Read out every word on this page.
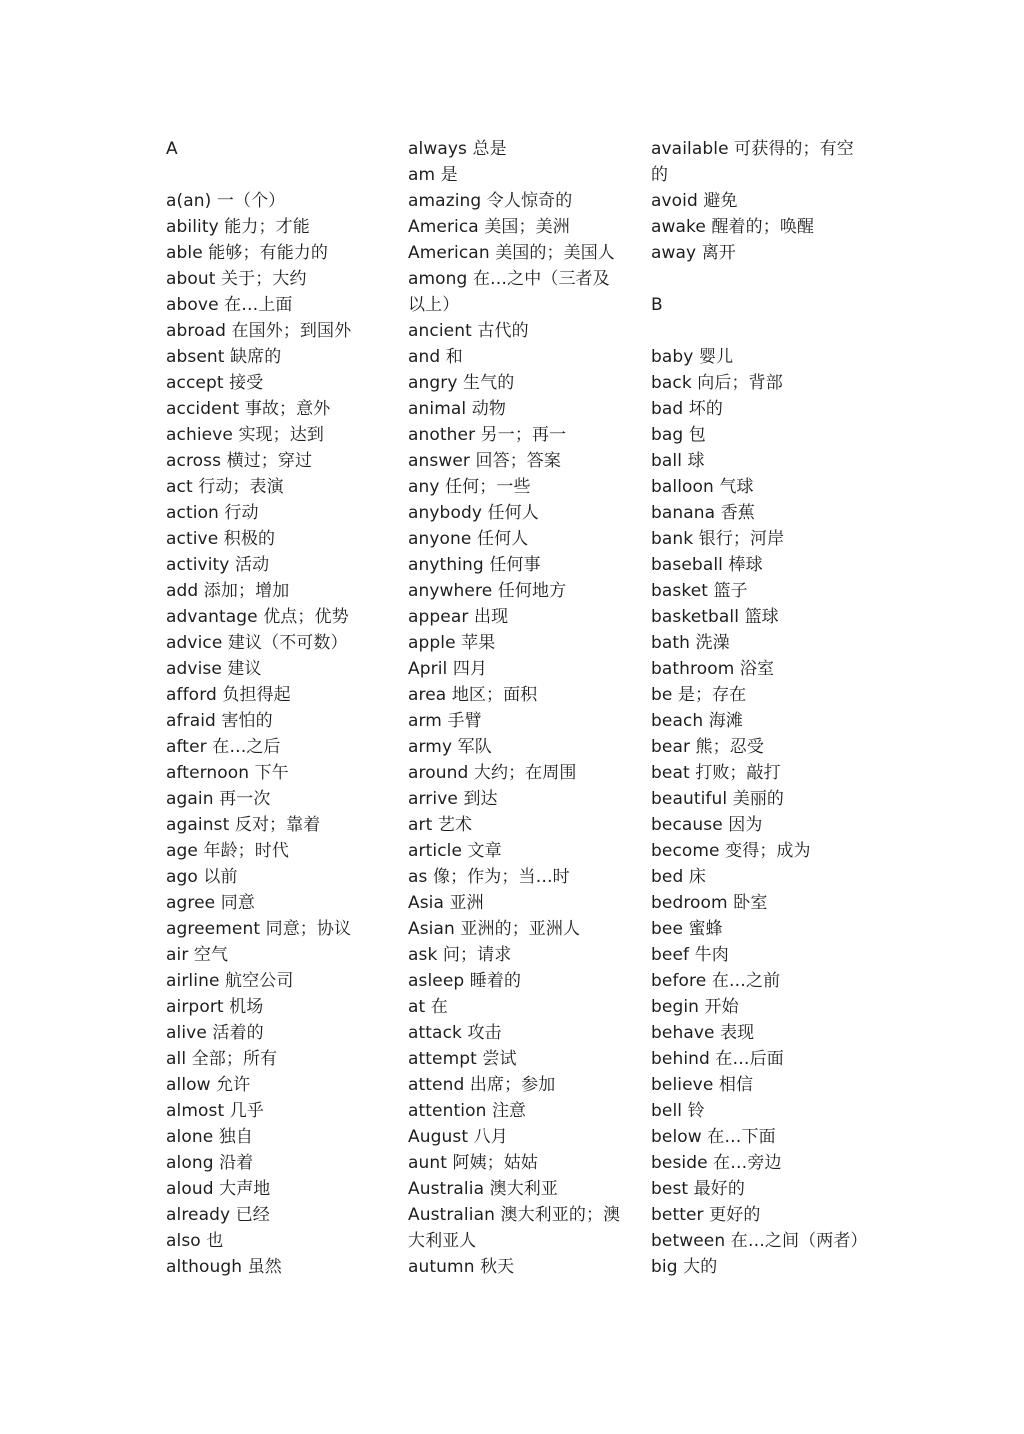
A
a(an) 一（个）
ability 能力；才能
able 能够；有能力的
about 关于；大约
above 在…上面
abroad 在国外；到国外
absent 缺席的
accept 接受
accident 事故；意外
achieve 实现；达到
across 横过；穿过
act 行动；表演
action 行动
active 积极的
activity 活动
add 添加；增加
advantage 优点；优势
advice 建议（不可数）
advise 建议
afford 负担得起
afraid 害怕的
after 在…之后
afternoon 下午
again 再一次
against 反对；靠着
age 年龄；时代
ago 以前
agree 同意
agreement 同意；协议
air 空气
airline 航空公司
airport 机场
alive 活着的
all 全部；所有
allow 允许
almost 几乎
alone 独自
along 沿着
aloud 大声地
already 已经
also 也
although 虽然
always 总是
am 是
amazing 令人惊奇的
America 美国；美洲
American 美国的；美国人
among 在…之中（三者及
以上）
ancient 古代的
and 和
angry 生气的
animal 动物
another 另一；再一
answer 回答；答案
any 任何；一些
anybody 任何人
anyone 任何人
anything 任何事
anywhere 任何地方
appear 出现
apple 苹果
April 四月
area 地区；面积
arm 手臂
army 军队
around 大约；在周围
arrive 到达
art 艺术
article 文章
as 像；作为；当…时
Asia 亚洲
Asian 亚洲的；亚洲人
ask 问；请求
asleep 睡着的
at 在
attack 攻击
attempt 尝试
attend 出席；参加
attention 注意
August 八月
aunt 阿姨；姑姑
Australia 澳大利亚
Australian 澳大利亚的；澳
大利亚人
autumn 秋天
available 可获得的；有空
的
avoid 避免
awake 醒着的；唤醒
away 离开
B
baby 婴儿
back 向后；背部
bad 坏的
bag 包
ball 球
balloon 气球
banana 香蕉
bank 银行；河岸
baseball 棒球
basket 篮子
basketball 篮球
bath 洗澡
bathroom 浴室
be 是；存在
beach 海滩
bear 熊；忍受
beat 打败；敲打
beautiful 美丽的
because 因为
become 变得；成为
bed 床
bedroom 卧室
bee 蜜蜂
beef 牛肉
before 在…之前
begin 开始
behave 表现
behind 在…后面
believe 相信
bell 铃
below 在…下面
beside 在…旁边
best 最好的
better 更好的
between 在…之间（两者）
big 大的
